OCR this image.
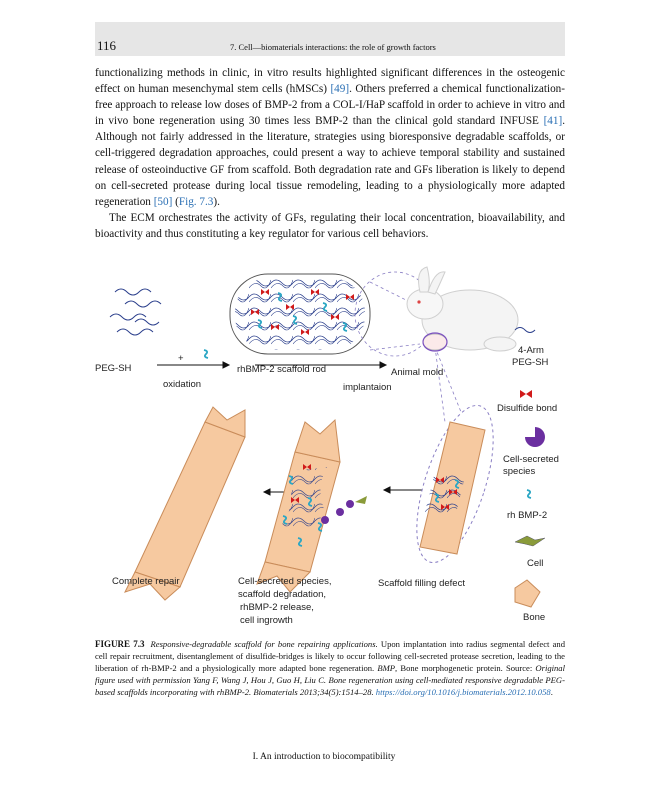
116	7. Cell—biomaterials interactions: the role of growth factors
functionalizing methods in clinic, in vitro results highlighted significant differences in the osteogenic effect on human mesenchymal stem cells (hMSCs) [49]. Others preferred a chemical functionalization-free approach to release low doses of BMP-2 from a COL-I/HaP scaffold in order to achieve in vitro and in vivo bone regeneration using 30 times less BMP-2 than the clinical gold standard INFUSE [41]. Although not fairly addressed in the literature, strategies using bioresponsive degradable scaffolds, or cell-triggered degradation approaches, could present a way to achieve temporal stability and sustained release of osteoinductive GF from scaffold. Both degradation rate and GFs liberation is likely to depend on cell-secreted protease during local tissue remodeling, leading to a physiologically more adapted regeneration [50] (Fig. 7.3).
The ECM orchestrates the activity of GFs, regulating their local concentration, bioavailability, and bioactivity and thus constituting a key regulator for various cell behaviors.
PEG-SH
+
oxidation
rhBMP-2 scaffold rod	Animal mold
implantaion
4-Arm
PEG-SH
Disulfide bond
Cell-secreted
species
rh BMP-2
Cell
Bone
Complete repair	Cell-secreted species,
scaffold degradation,
rhBMP-2 release,
cell ingrowth
Scaffold filling defect
FIGURE 7.3 Responsive-degradable scaffold for bone repairing applications. Upon implantation into radius segmental defect and cell repair recruitment, disentanglement of disulfide-bridges is likely to occur following cell-secreted protease secretion, leading to the liberation of rh-BMP-2 and a physiologically more adapted bone regeneration. BMP, Bone morphogenetic protein. Source: Original figure used with permission Yang F, Wang J, Hou J, Guo H, Liu C. Bone regeneration using cell-mediated responsive degradable PEG-based scaffolds incorporating with rhBMP-2. Biomaterials 2013;34(5):1514–28. https://doi.org/10.1016/j.biomaterials.2012.10.058.
I. An introduction to biocompatibility
